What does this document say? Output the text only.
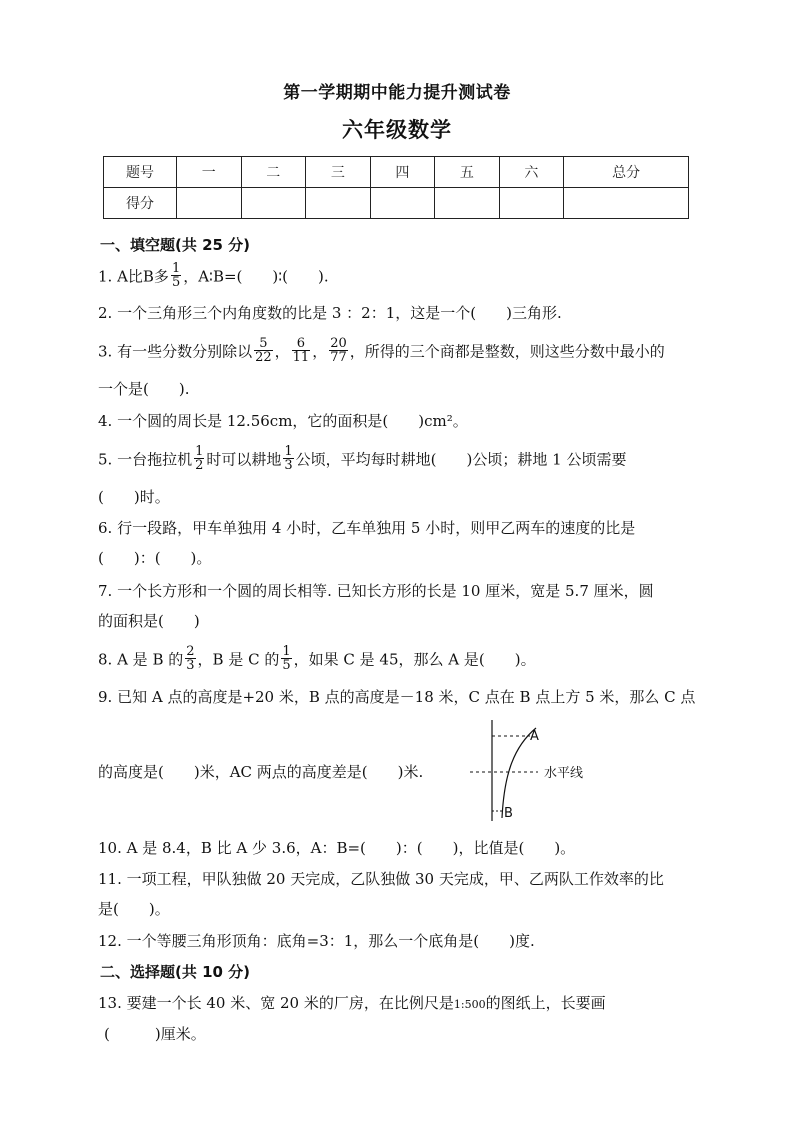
第一学期期中能力提升测试卷
六年级数学
题号	一	二	三	四	五	六	总分
得分							
一、填空题(共 25 分)
1. A比B多 $\frac{1}{5}$ ，A∶B=(　　)∶(　　).
2. 一个三角形三个内角度数的比是 3 ：2：1，这是一个(　　)三角形.
3. 有一些分数分别除以 $\frac{5}{22}$ ， $\frac{6}{11}$ ， $\frac{20}{77}$ ，所得的三个商都是整数，则这些分数中最小的
一个是(　　).
4. 一个圆的周长是 12.56cm，它的面积是(　　)cm²。
5. 一台拖拉机 $\frac{1}{2}$ 时可以耕地 $\frac{1}{3}$ 公顷，平均每时耕地(　　)公顷；耕地 1 公顷需要
(　　)时。
6. 行一段路，甲车单独用 4 小时，乙车单独用 5 小时，则甲乙两车的速度的比是
(　　)：(　　)。
7. 一个长方形和一个圆的周长相等. 已知长方形的长是 10 厘米，宽是 5.7 厘米，圆
的面积是(　　)
8. A 是 B 的 $\frac{2}{3}$ ，B 是 C 的 $\frac{1}{5}$ ，如果 C 是 45，那么 A 是(　　)。
9. 已知 A 点的高度是+20 米，B 点的高度是－18 米，C 点在 B 点上方 5 米，那么 C 点
的高度是(　　)米，AC 两点的高度差是(　　)米.
A
B
水平线
10. A 是 8.4，B 比 A 少 3.6，A：B=(　　)：(　　)，比值是(　　)。
11. 一项工程，甲队独做 20 天完成，乙队独做 30 天完成，甲、乙两队工作效率的比
是(　　)。
12. 一个等腰三角形顶角：底角=3：1，那么一个底角是(　　)度.
二、选择题(共 10 分)
13. 要建一个长 40 米、宽 20 米的厂房，在比例尺是1:500的图纸上，长要画
(　　　)厘米。
